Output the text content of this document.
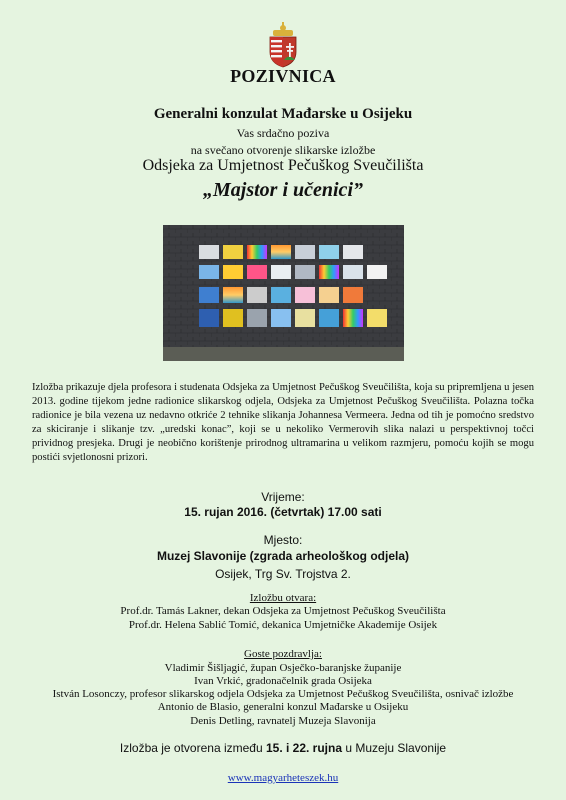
POZIVNICA
Generalni konzulat Mađarske u Osijeku
Vas srdačno poziva
na svečano otvorenje slikarske izložbe
Odsjeka za Umjetnost Pečuškog Sveučilišta
„Majstor i učenici”
Izložba prikazuje djela profesora i studenata Odsjeka za Umjetnost Pečuškog Sveučilišta, koja su pripremljena u jesen 2013. godine tijekom jedne radionice slikarskog odjela, Odsjeka za Umjetnost Pečuškog Sveučilišta. Polazna točka radionice je bila vezena uz nedavno otkriće 2 tehnike slikanja Johannesa Vermeera. Jedna od tih je pomoćno sredstvo za skiciranje i slikanje tzv. „uredski konac”, koji se u nekoliko Vermerovih slika nalazi u perspektivnoj točci prividnog presjeka. Drugi je neobično korištenje prirodnog ultramarina u velikom razmjeru, pomoću kojih se mogu postići svjetlonosni prizori.
Vrijeme:
15. rujan 2016. (četvrtak) 17.00 sati
Mjesto:
Muzej Slavonije (zgrada arheološkog odjela)
Osijek, Trg Sv. Trojstva 2.
Izložbu otvara:
Prof.dr. Tamás Lakner, dekan Odsjeka za Umjetnost Pečuškog Sveučilišta
Prof.dr. Helena Sablić Tomić, dekanica Umjetničke Akademije Osijek
Goste pozdravlja:
Vladimir Šišljagić, župan Osječko-baranjske županije
Ivan Vrkić, gradonačelnik grada Osijeka
István Losonczy, profesor slikarskog odjela Odsjeka za Umjetnost Pečuškog Sveučilišta, osnivač izložbe
Antonio de Blasio, generalni konzul Mađarske u Osijeku
Denis Detling, ravnatelj Muzeja Slavonija
Izložba je otvorena između 15. i 22. rujna u Muzeju Slavonije
www.magyarheteszek.hu
